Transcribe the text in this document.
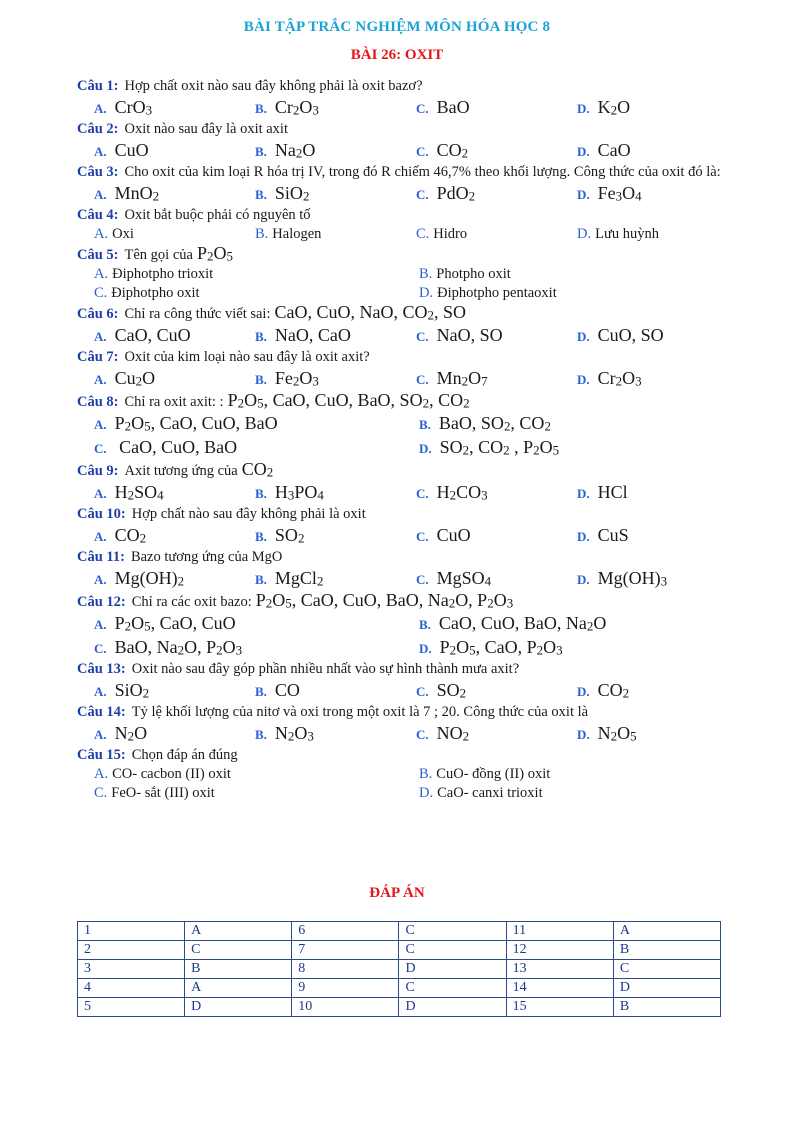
BÀI TẬP TRẮC NGHIỆM MÔN HÓA HỌC 8
BÀI 26: OXIT
Câu 1: Hợp chất oxit nào sau đây không phải là oxit bazơ?
A. CrO$_3$	B. $Cr_2O_3$	C. BaO	D. $K_2O$
Câu 2: Oxit nào sau đây là oxit axit
A. CuO	B. $Na_2O$	C. $CO_2$	D. CaO
Câu 3: Cho oxit của kim loại R hóa trị IV, trong đó R chiếm 46,7% theo khối lượng. Công thức của oxit đó là:
A. MnO$_2$	B. SiO$_2$	C. PdO$_2$	D. $Fe_3O_4$
Câu 4: Oxit bắt buộc phải có nguyên tố
A. Oxi	B. Halogen	C. Hidro	D. Lưu huỳnh
Câu 5: Tên gọi của $P_2O_5$
A. Điphotpho trioxit	B. Photpho oxit
C. Điphotpho oxit	D. Điphotpho pentaoxit
Câu 6: Chỉ ra công thức viết sai: CaO, CuO, NaO, $CO_2$, SO
A. CaO, CuO	B. NaO, CaO	C. NaO, SO	D. CuO, SO
Câu 7: Oxit của kim loại nào sau đây là oxit axit?
A. $Cu_2O$	B. $Fe_2O_3$	C. $Mn_2O_7$	D. $Cr_2O_3$
Câu 8: Chỉ ra oxit axit: : $P_2O_5$, CaO, CuO, BaO, $SO_2$, $CO_2$
A. $P_2O_5$, CaO, CuO, BaO	B. BaO, $SO_2$, $CO_2$
C. CaO, CuO, BaO	D. $SO_2$, $CO_2$ , $P_2O_5$
Câu 9: Axit tương ứng của $CO_2$
A. $H_2SO_4$	B. $H_3PO_4$	C. $H_2CO_3$	D. HCl
Câu 10: Hợp chất nào sau đây không phải là oxit
A. $CO_2$	B. $SO_2$	C. CuO	D. CuS
Câu 11: Bazo tương ứng của MgO
A. $Mg(OH)_2$	B. MgCl$_2$	C. MgSO$_4$	D. $Mg(OH)_3$
Câu 12: Chỉ ra các oxit bazo: $P_2O_5$, CaO, CuO, BaO, $Na_2O$, $P_2O_3$
A. $P_2O_5$, CaO, CuO	B. CaO, CuO, BaO, $Na_2O$
C. BaO, $Na_2O$, $P_2O_3$	D. $P_2O_5$, CaO, $P_2O_3$
Câu 13: Oxit nào sau đây góp phần nhiều nhất vào sự hình thành mưa axit?
A. SiO$_2$	B. CO	C. $SO_2$	D. $CO_2$
Câu 14: Tỷ lệ khối lượng của nitơ và oxi trong một oxit là 7 ; 20. Công thức của oxit là
A. $N_2O$	B. $N_2O_3$	C. $NO_2$	D. $N_2O_5$
Câu 15: Chọn đáp án đúng
A. CO- cacbon (II) oxit	B. CuO- đồng (II) oxit
C. FeO- sắt (III) oxit	D. CaO- canxi trioxit
ĐÁP ÁN
1	A	6	C	11	A
2	C	7	C	12	B
3	B	8	D	13	C
4	A	9	C	14	D
5	D	10	D	15	B
